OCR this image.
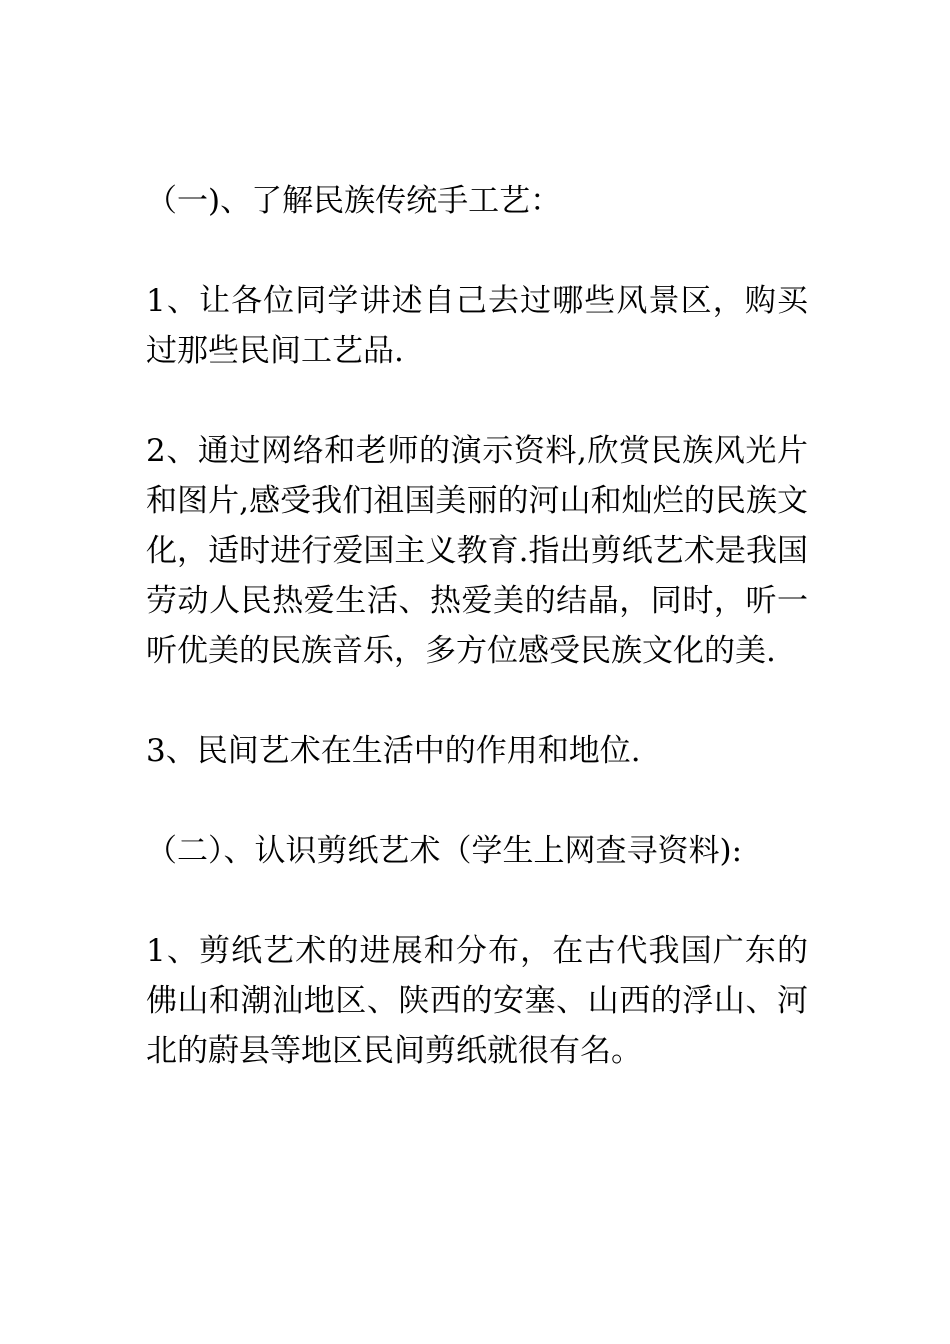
（一)、了解民族传统手工艺：

1、让各位同学讲述自己去过哪些风景区，购买过那些民间工艺品.

2、通过网络和老师的演示资料,欣赏民族风光片和图片,感受我们祖国美丽的河山和灿烂的民族文化，适时进行爱国主义教育.指出剪纸艺术是我国劳动人民热爱生活、热爱美的结晶，同时，听一听优美的民族音乐，多方位感受民族文化的美.

3、民间艺术在生活中的作用和地位.

（二）、认识剪纸艺术（学生上网查寻资料):

1、剪纸艺术的进展和分布，在古代我国广东的佛山和潮汕地区、陕西的安塞、山西的浮山、河北的蔚县等地区民间剪纸就很有名。
